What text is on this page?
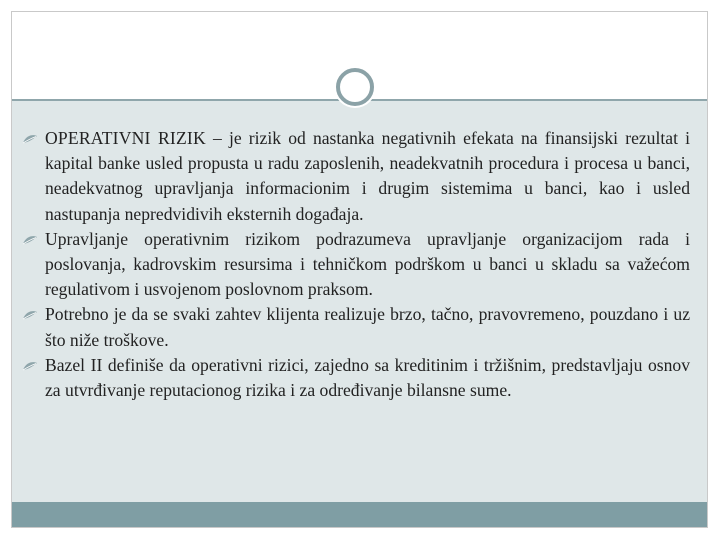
OPERATIVNI RIZIK – je rizik od nastanka negativnih efekata na finansijski rezultat i kapital banke usled propusta u radu zaposlenih, neadekvatnih procedura i procesa u banci, neadekvatnog upravljanja informacionim i drugim sistemima u banci, kao i usled nastupanja nepredvidivih eksternih događaja.

Upravljanje operativnim rizikom podrazumeva upravljanje organizacijom rada i poslovanja, kadrovskim resursima i tehničkom podrškom u banci u skladu sa važećom regulativom i usvojenom poslovnom praksom.

Potrebno je da se svaki zahtev klijenta realizuje brzo, tačno, pravovremeno, pouzdano i uz što niže troškove.

Bazel II definiše da operativni rizici, zajedno sa kreditinim i tržišnim, predstavljaju osnov za utvrđivanje reputacionog rizika i za određivanje bilansne sume.
